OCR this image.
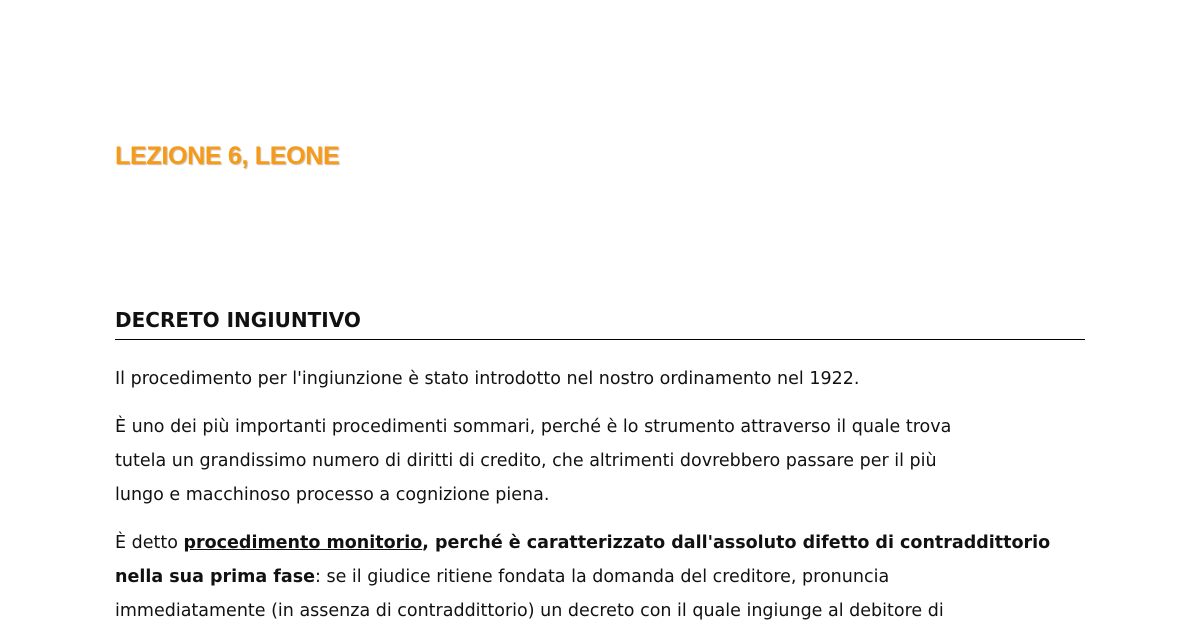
LEZIONE 6, LEONE
DECRETO INGIUNTIVO

Il procedimento per l'ingiunzione è stato introdotto nel nostro ordinamento nel 1922.

È uno dei più importanti procedimenti sommari, perché è lo strumento attraverso il quale trova
tutela un grandissimo numero di diritti di credito, che altrimenti dovrebbero passare per il più
lungo e macchinoso processo a cognizione piena.

È detto procedimento monitorio, perché è caratterizzato dall'assoluto difetto di contraddittorio
nella sua prima fase: se il giudice ritiene fondata la domanda del creditore, pronuncia
immediatamente (in assenza di contraddittorio) un decreto con il quale ingiunge al debitore di
